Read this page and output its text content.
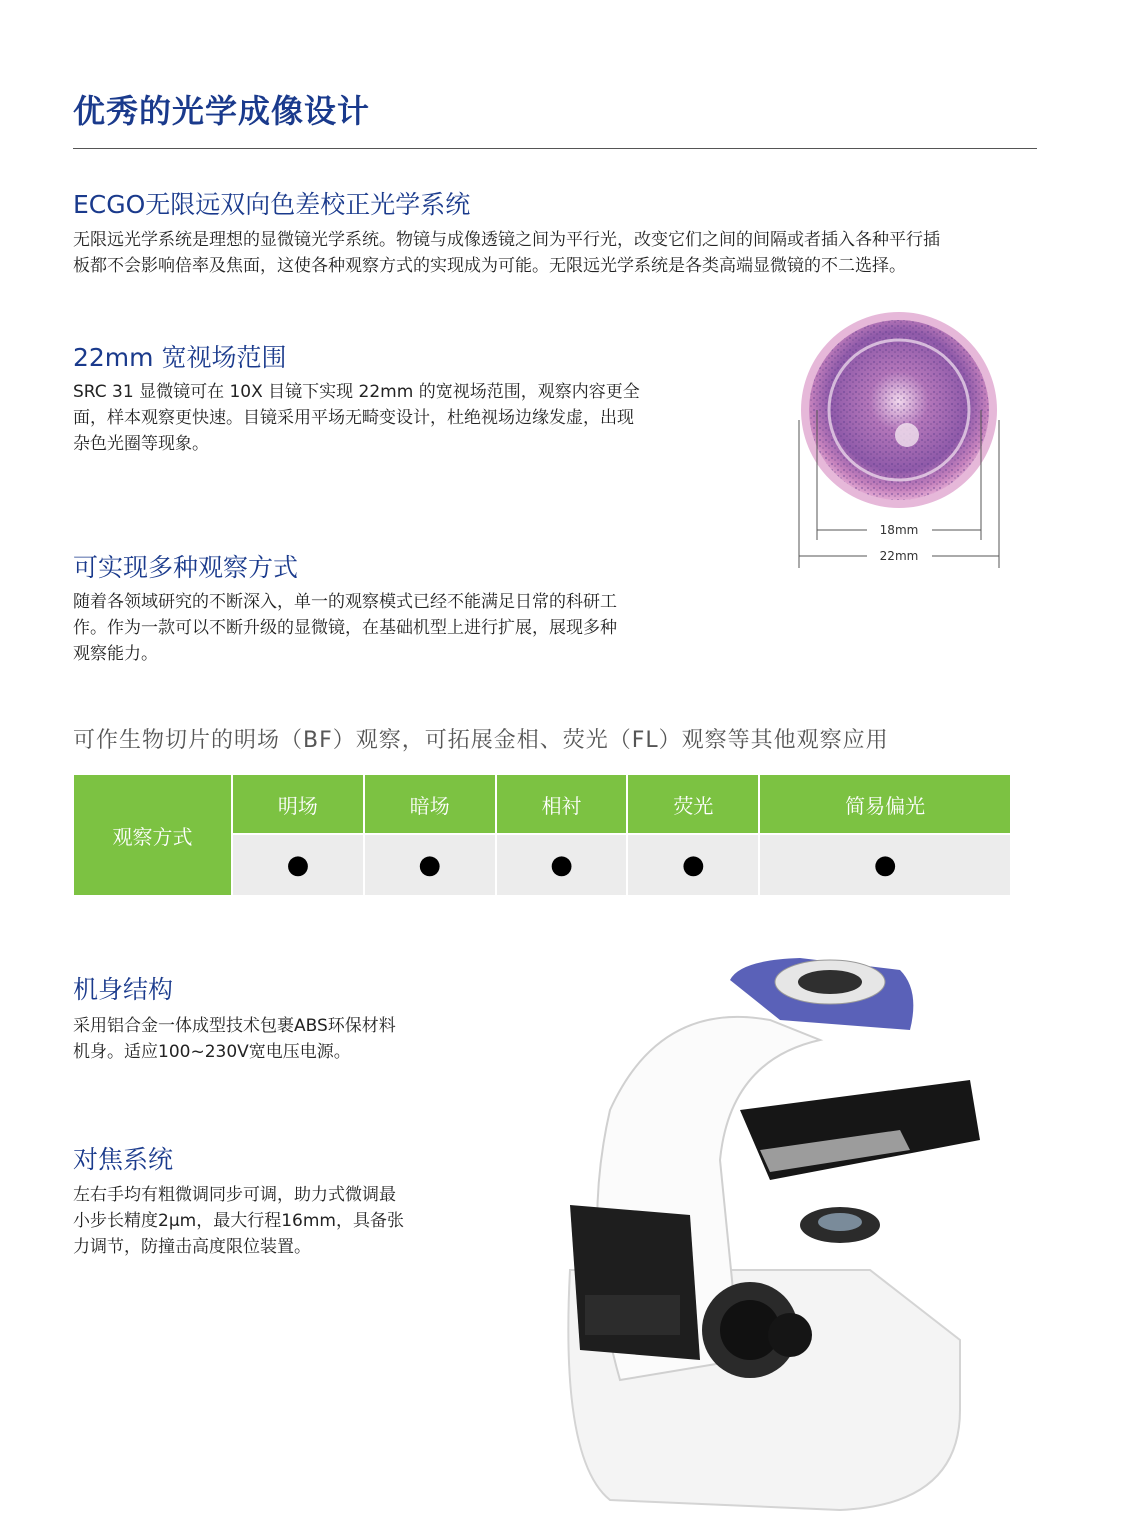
优秀的光学成像设计
ECGO无限远双向色差校正光学系统
无限远光学系统是理想的显微镜光学系统。物镜与成像透镜之间为平行光，改变它们之间的间隔或者插入各种平行插
板都不会影响倍率及焦面，这使各种观察方式的实现成为可能。无限远光学系统是各类高端显微镜的不二选择。
22mm 宽视场范围
SRC 31 显微镜可在 10X 目镜下实现 22mm 的宽视场范围，观察内容更全
面，样本观察更快速。目镜采用平场无畸变设计，杜绝视场边缘发虚，出现
杂色光圈等现象。
18mm
22mm
可实现多种观察方式
随着各领域研究的不断深入，单一的观察模式已经不能满足日常的科研工
作。作为一款可以不断升级的显微镜，在基础机型上进行扩展，展现多种
观察能力。
可作生物切片的明场（BF）观察，可拓展金相、荧光（FL）观察等其他观察应用
观察方式	明场	暗场	相衬	荧光	简易偏光
	●	●	●	●	●
机身结构
采用铝合金一体成型技术包裹ABS环保材料
机身。适应100~230V宽电压电源。
对焦系统
左右手均有粗微调同步可调，助力式微调最
小步长精度2μm，最大行程16mm，具备张
力调节，防撞击高度限位装置。
